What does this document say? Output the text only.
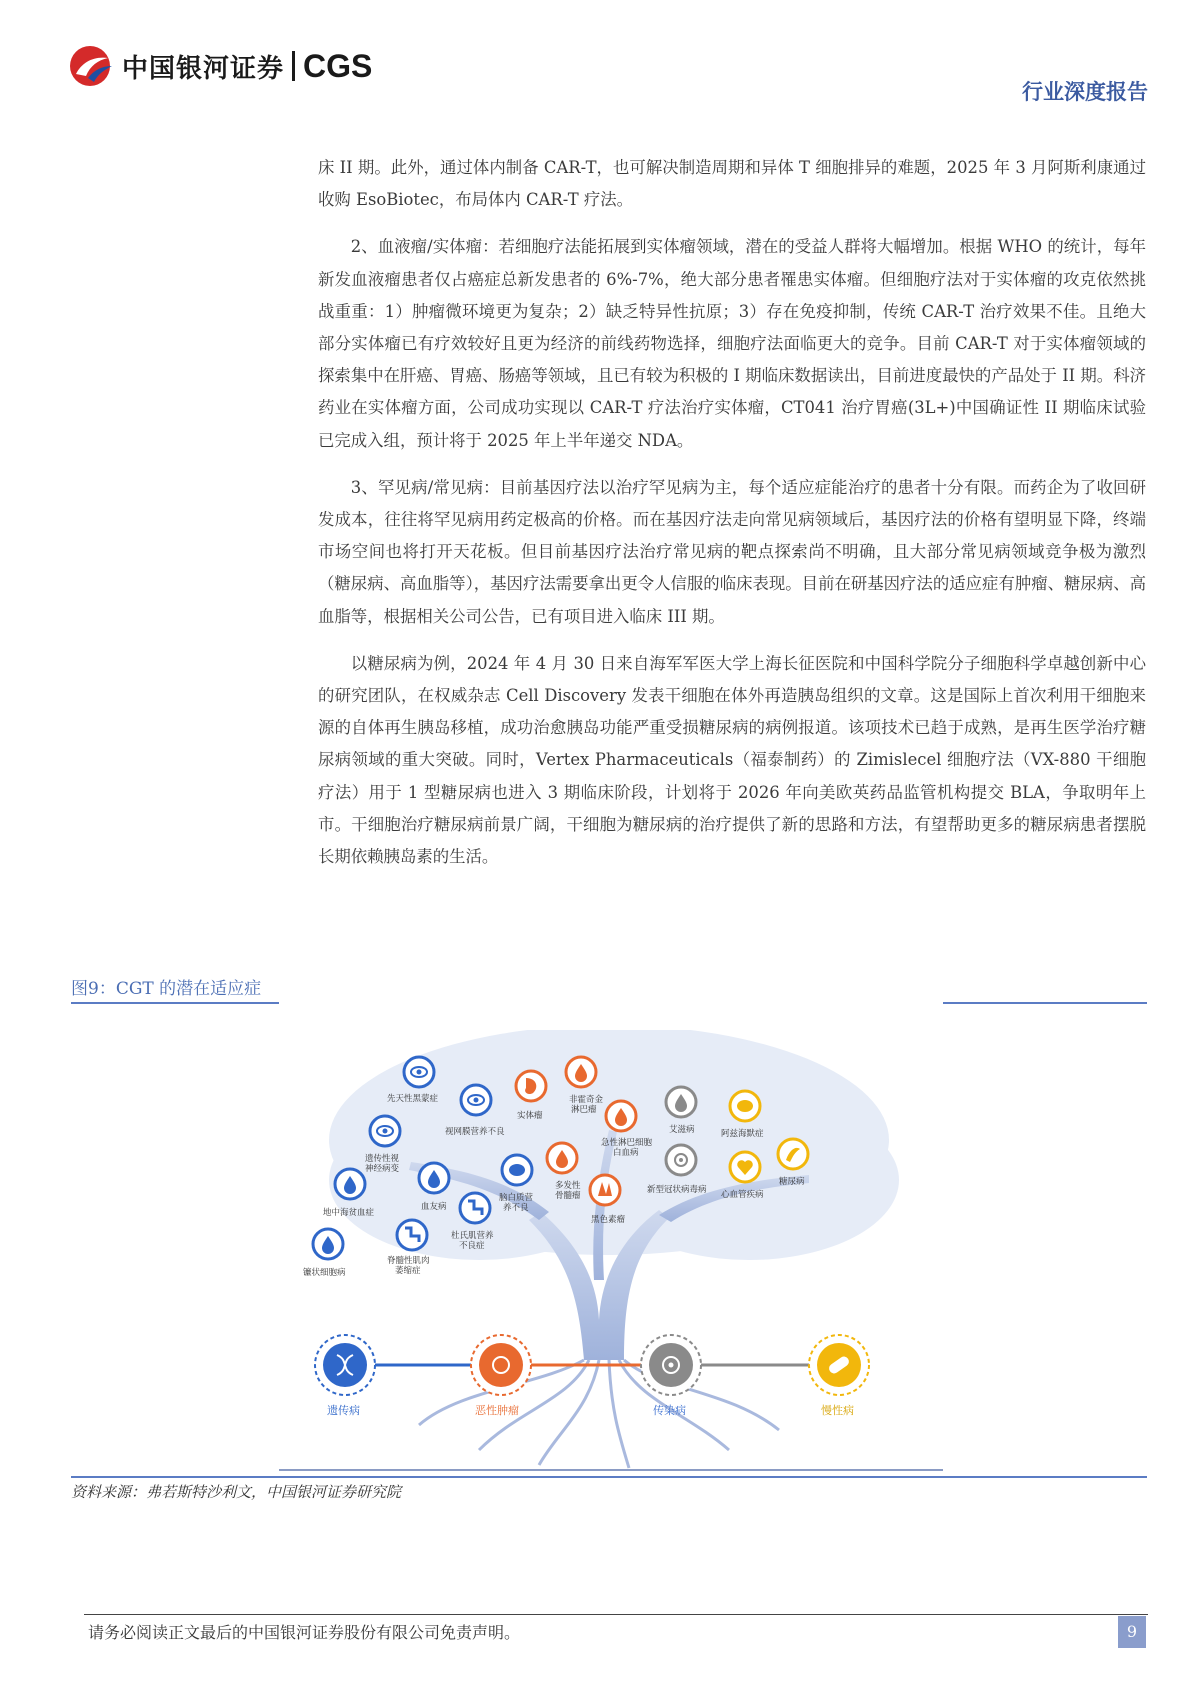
中国银河证券 CGS
行业深度报告

床 II 期。此外，通过体内制备 CAR-T，也可解决制造周期和异体 T 细胞排异的难题，2025 年 3 月阿斯利康通过收购 EsoBiotec，布局体内 CAR-T 疗法。

2、血液瘤/实体瘤：若细胞疗法能拓展到实体瘤领域，潜在的受益人群将大幅增加。根据 WHO 的统计，每年新发血液瘤患者仅占癌症总新发患者的 6%-7%，绝大部分患者罹患实体瘤。但细胞疗法对于实体瘤的攻克依然挑战重重：1）肿瘤微环境更为复杂；2）缺乏特异性抗原；3）存在免疫抑制，传统 CAR-T 治疗效果不佳。且绝大部分实体瘤已有疗效较好且更为经济的前线药物选择，细胞疗法面临更大的竞争。目前 CAR-T 对于实体瘤领域的探索集中在肝癌、胃癌、肠癌等领域，且已有较为积极的 I 期临床数据读出，目前进度最快的产品处于 II 期。科济药业在实体瘤方面，公司成功实现以 CAR-T 疗法治疗实体瘤，CT041 治疗胃癌(3L+)中国确证性 II 期临床试验已完成入组，预计将于 2025 年上半年递交 NDA。

3、罕见病/常见病：目前基因疗法以治疗罕见病为主，每个适应症能治疗的患者十分有限。而药企为了收回研发成本，往往将罕见病用药定极高的价格。而在基因疗法走向常见病领域后，基因疗法的价格有望明显下降，终端市场空间也将打开天花板。但目前基因疗法治疗常见病的靶点探索尚不明确，且大部分常见病领域竞争极为激烈（糖尿病、高血脂等），基因疗法需要拿出更令人信服的临床表现。目前在研基因疗法的适应症有肿瘤、糖尿病、高血脂等，根据相关公司公告，已有项目进入临床 III 期。

以糖尿病为例，2024 年 4 月 30 日来自海军军医大学上海长征医院和中国科学院分子细胞科学卓越创新中心的研究团队，在权威杂志 Cell Discovery 发表干细胞在体外再造胰岛组织的文章。这是国际上首次利用干细胞来源的自体再生胰岛移植，成功治愈胰岛功能严重受损糖尿病的病例报道。该项技术已趋于成熟，是再生医学治疗糖尿病领域的重大突破。同时，Vertex Pharmaceuticals（福泰制药）的 Zimislecel 细胞疗法（VX-880 干细胞疗法）用于 1 型糖尿病也进入 3 期临床阶段，计划将于 2026 年向美欧英药品监管机构提交 BLA，争取明年上市。干细胞治疗糖尿病前景广阔，干细胞为糖尿病的治疗提供了新的思路和方法，有望帮助更多的糖尿病患者摆脱长期依赖胰岛素的生活。

图9：CGT 的潜在适应症
先天性黑蒙症
视网膜营养不良
遗传性视
神经病变
地中海贫血症
血友病
镰状细胞病
脊髓性肌肉
萎缩症
脑白质营
养不良
杜氏肌营养
不良症
实体瘤
非霍奇金
淋巴瘤
急性淋巴细胞
白血病
多发性
骨髓瘤
黑色素瘤
艾滋病
新型冠状病毒病
阿兹海默症
心血管疾病
糖尿病
遗传病	恶性肿瘤	传染病	慢性病
资料来源：弗若斯特沙利文，中国银河证券研究院
请务必阅读正文最后的中国银河证券股份有限公司免责声明。	9
